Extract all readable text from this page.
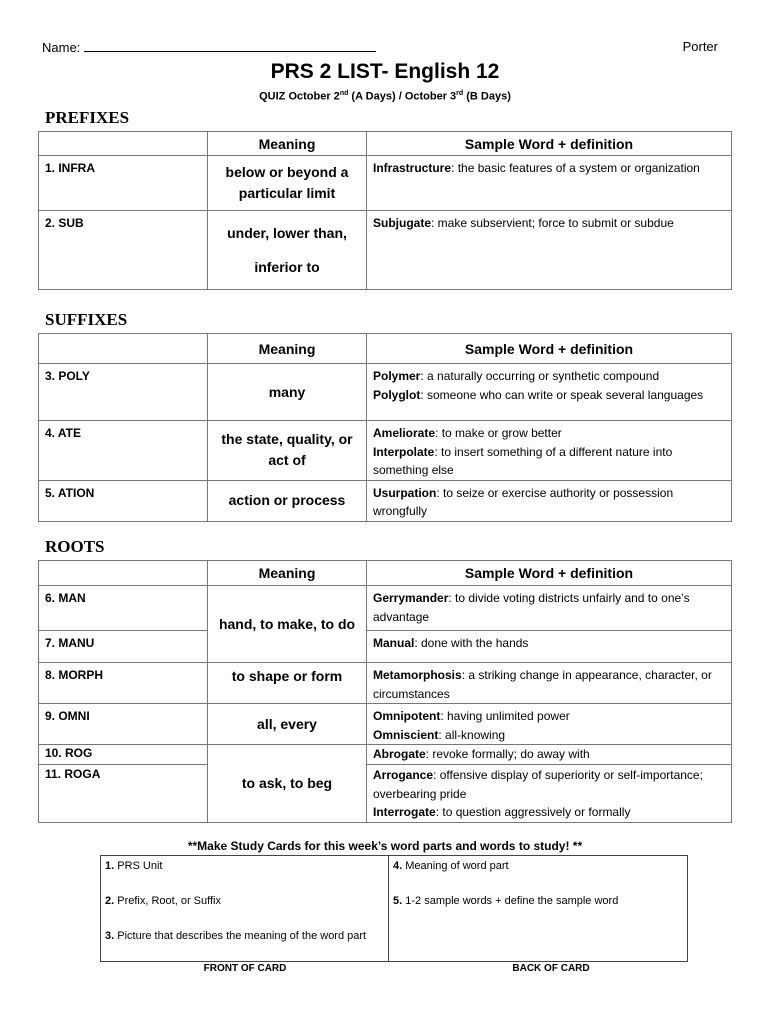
Name:	Porter
PRS 2 LIST- English 12
QUIZ October 2nd (A Days) / October 3rd (B Days)
PREFIXES
	Meaning	Sample Word + definition
1. INFRA	below or beyond a particular limit	Infrastructure: the basic features of a system or organization
2. SUB	under, lower than, inferior to	Subjugate: make subservient; force to submit or subdue
SUFFIXES
	Meaning	Sample Word + definition
3. POLY	many	Polymer: a naturally occurring or synthetic compound
Polyglot: someone who can write or speak several languages
4. ATE	the state, quality, or act of	Ameliorate: to make or grow better
Interpolate: to insert something of a different nature into something else
5. ATION	action or process	Usurpation: to seize or exercise authority or possession wrongfully
ROOTS
	Meaning	Sample Word + definition
6. MAN	hand, to make, to do	Gerrymander: to divide voting districts unfairly and to one’s advantage
7. MANU		Manual: done with the hands
8. MORPH	to shape or form	Metamorphosis: a striking change in appearance, character, or circumstances
9. OMNI	all, every	Omnipotent: having unlimited power
Omniscient: all-knowing
10. ROG	to ask, to beg	Abrogate: revoke formally; do away with
11. ROGA		Arrogance: offensive display of superiority or self-importance; overbearing pride
Interrogate: to question aggressively or formally
**Make Study Cards for this week’s word parts and words to study! **
1. PRS Unit
2. Prefix, Root, or Suffix
3. Picture that describes the meaning of the word part

4. Meaning of word part
5. 1-2 sample words + define the sample word
FRONT OF CARD	BACK OF CARD
